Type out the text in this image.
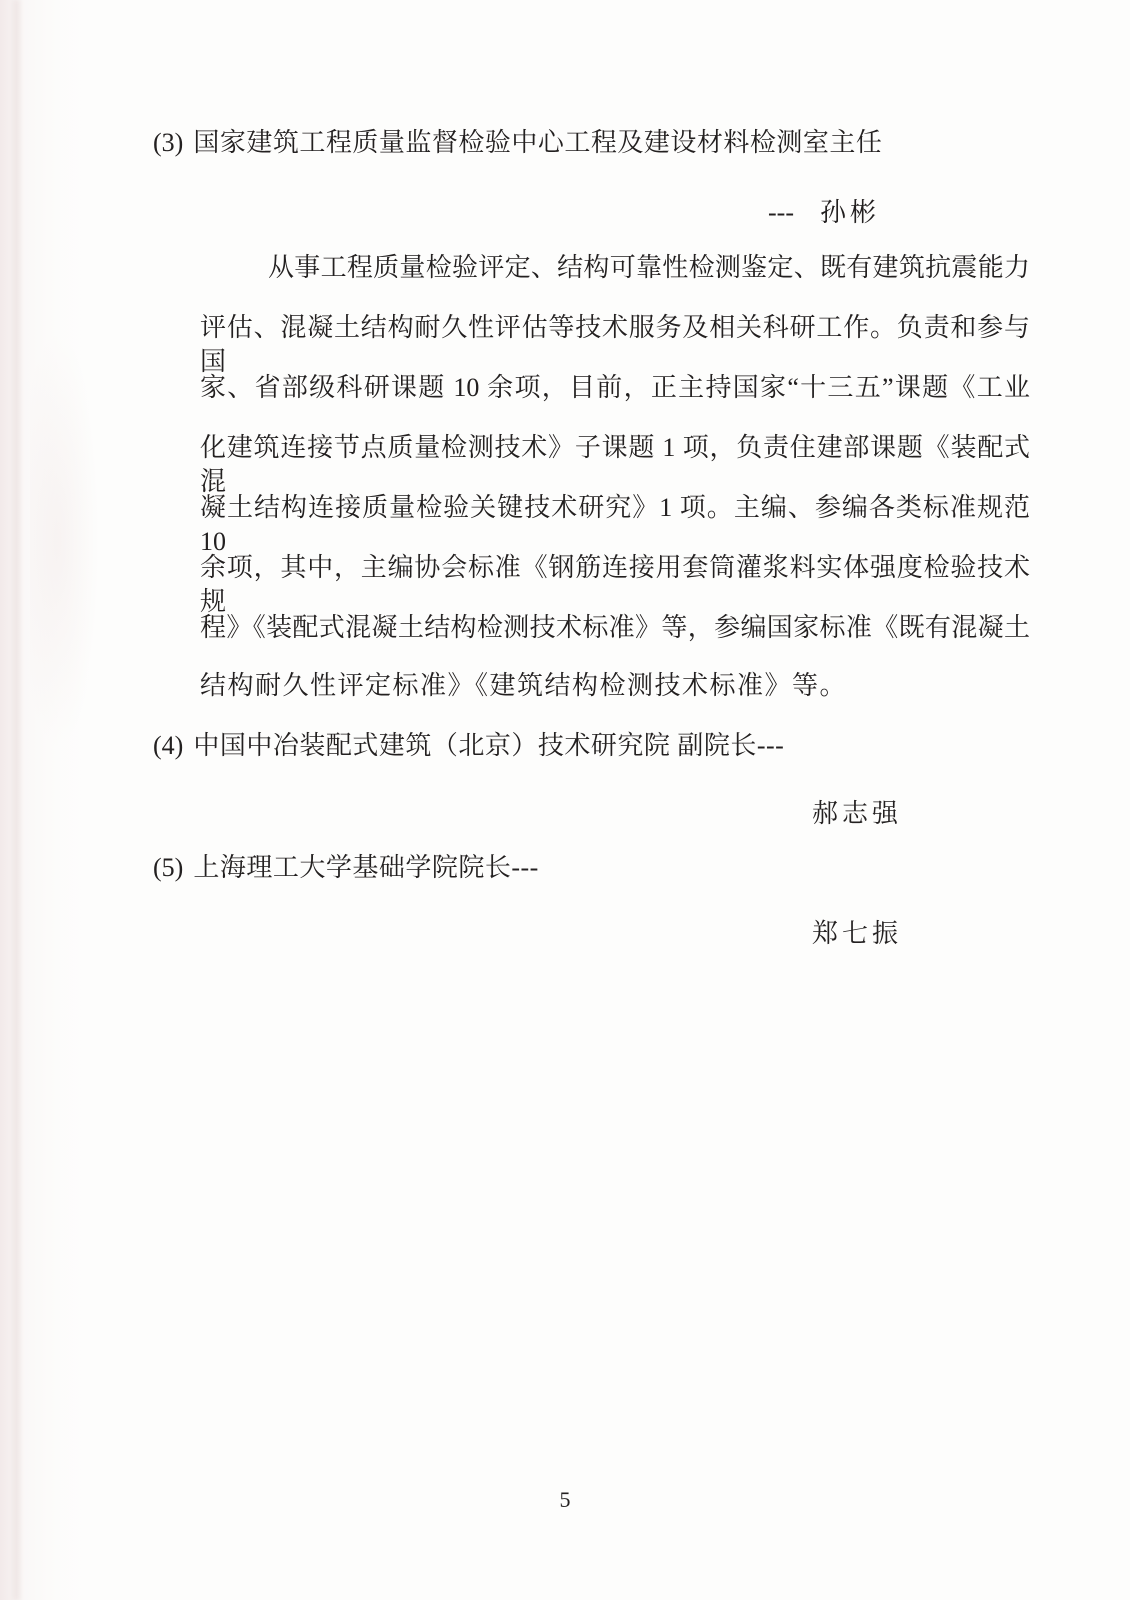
(3) 国家建筑工程质量监督检验中心工程及建设材料检测室主任
--- 孙彬
从事工程质量检验评定、结构可靠性检测鉴定、既有建筑抗震能力
评估、混凝土结构耐久性评估等技术服务及相关科研工作。负责和参与国
家、省部级科研课题 10 余项，目前，正主持国家“十三五”课题《工业
化建筑连接节点质量检测技术》子课题 1 项，负责住建部课题《装配式混
凝土结构连接质量检验关键技术研究》1 项。主编、参编各类标准规范 10
余项，其中，主编协会标准《钢筋连接用套筒灌浆料实体强度检验技术规
程》《装配式混凝土结构检测技术标准》等，参编国家标准《既有混凝土
结构耐久性评定标准》《建筑结构检测技术标准》等。
(4) 中国中冶装配式建筑（北京）技术研究院 副院长---
郝志强
(5) 上海理工大学基础学院院长---
郑七振
5
